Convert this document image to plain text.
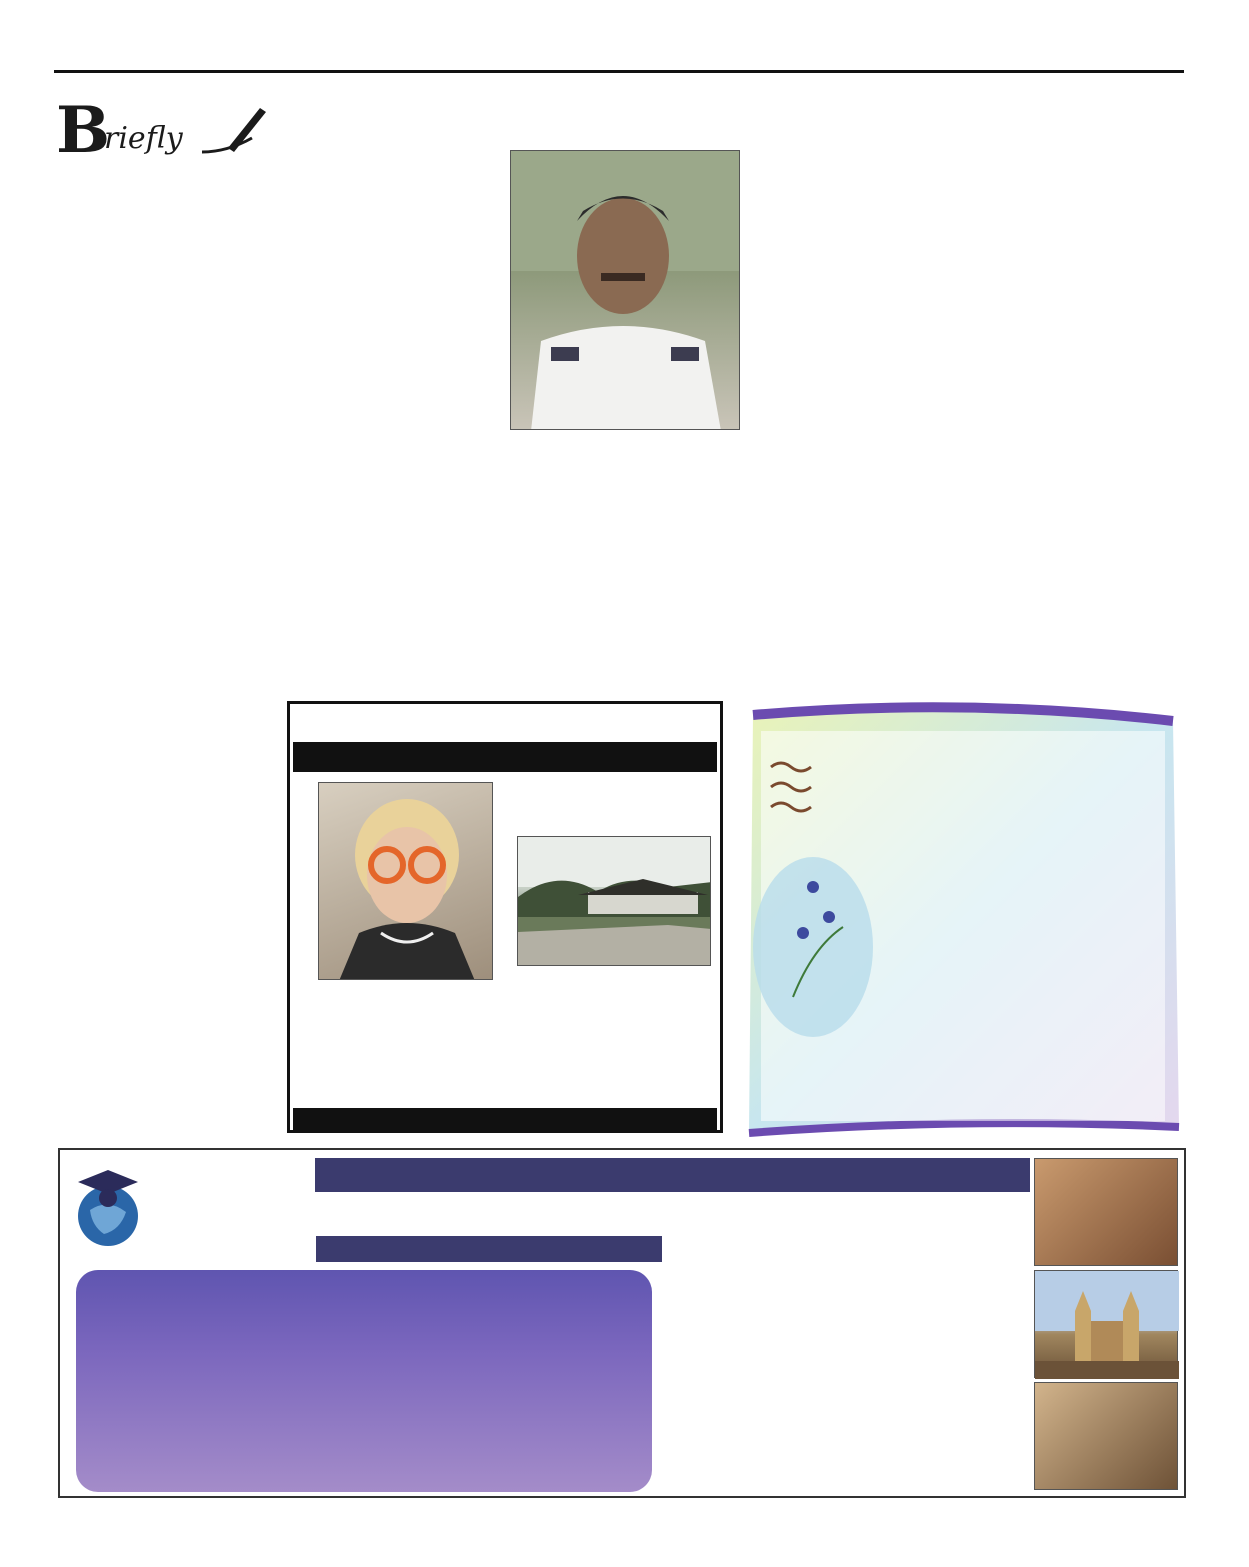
B
riefly
